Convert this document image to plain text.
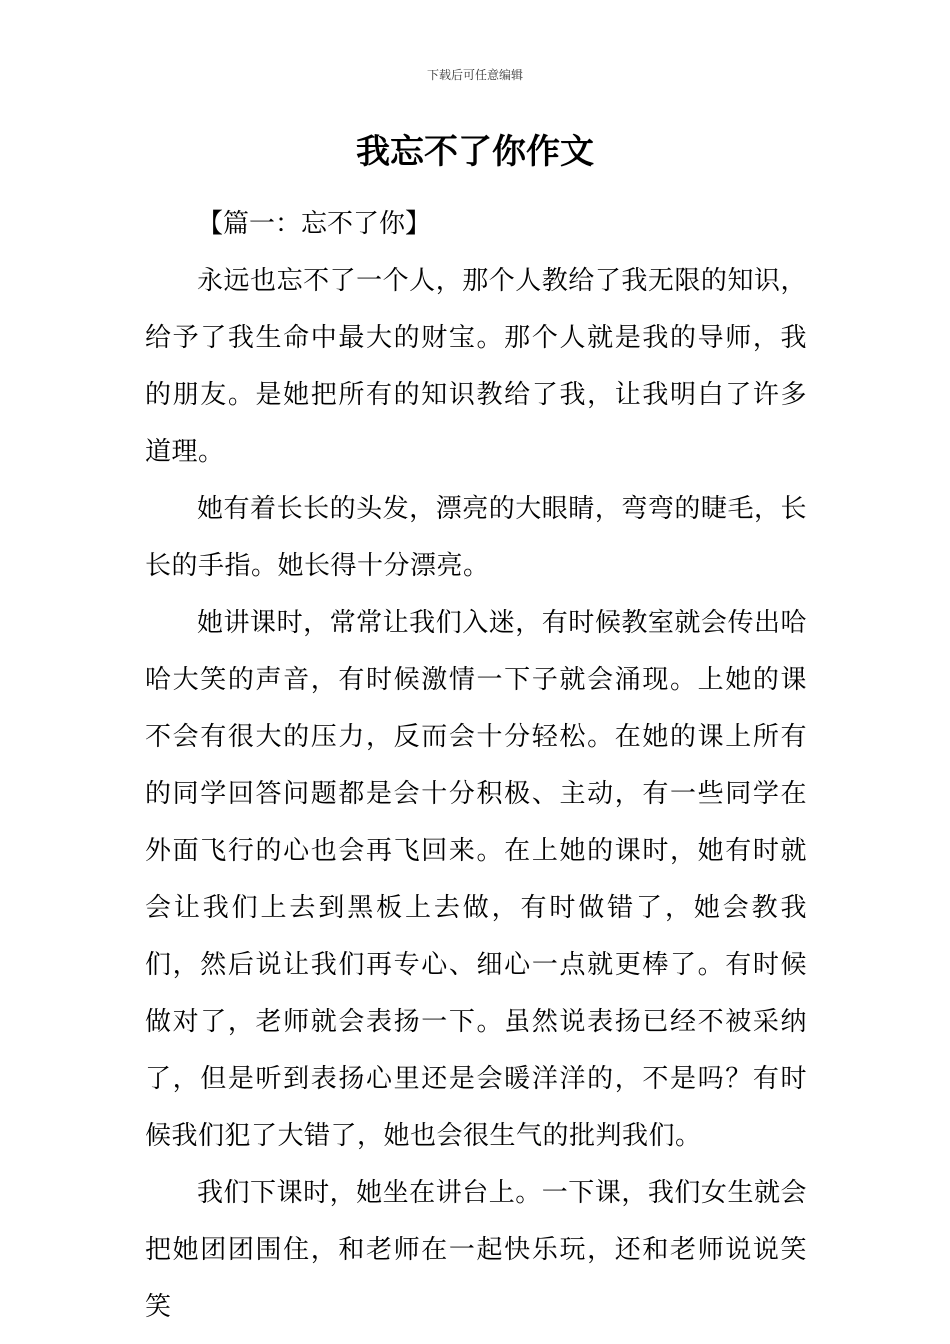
下载后可任意编辑
我忘不了你作文

【篇一：忘不了你】

永远也忘不了一个人，那个人教给了我无限的知识，给予了我生命中最大的财宝。那个人就是我的导师，我的朋友。是她把所有的知识教给了我，让我明白了许多道理。

她有着长长的头发，漂亮的大眼睛，弯弯的睫毛，长长的手指。她长得十分漂亮。

她讲课时，常常让我们入迷，有时候教室就会传出哈哈大笑的声音，有时候激情一下子就会涌现。上她的课不会有很大的压力，反而会十分轻松。在她的课上所有的同学回答问题都是会十分积极、主动，有一些同学在外面飞行的心也会再飞回来。在上她的课时，她有时就会让我们上去到黑板上去做，有时做错了，她会教我们，然后说让我们再专心、细心一点就更棒了。有时候做对了，老师就会表扬一下。虽然说表扬已经不被采纳了，但是听到表扬心里还是会暖洋洋的，不是吗？有时候我们犯了大错了，她也会很生气的批判我们。

我们下课时，她坐在讲台上。一下课，我们女生就会把她团团围住，和老师在一起快乐玩，还和老师说说笑笑
